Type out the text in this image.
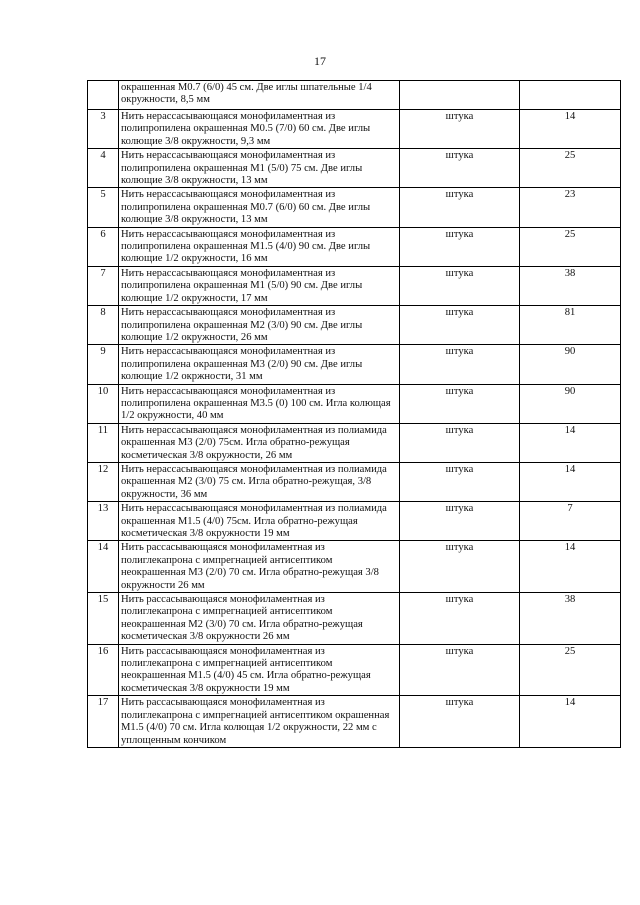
17
	окрашенная M0.7 (6/0) 45 см. Две иглы шпательные 1/4 окружности, 8,5 мм		
3	Нить нерассасывающаяся монофиламентная из полипропилена окрашенная M0.5 (7/0) 60 см. Две иглы колющие 3/8 окружности, 9,3 мм	штука	14
4	Нить нерассасывающаяся монофиламентная из полипропилена окрашенная M1 (5/0) 75 см. Две иглы колющие 3/8 окружности, 13 мм	штука	25
5	Нить нерассасывающаяся монофиламентная из полипропилена окрашенная M0.7 (6/0) 60 см. Две иглы колющие 3/8 окружности, 13 мм	штука	23
6	Нить нерассасывающаяся монофиламентная из полипропилена окрашенная M1.5 (4/0) 90 см. Две иглы колющие 1/2 окружности, 16 мм	штука	25
7	Нить нерассасывающаяся монофиламентная из полипропилена окрашенная M1 (5/0) 90 см. Две иглы колющие 1/2 окружности, 17 мм	штука	38
8	Нить нерассасывающаяся монофиламентная из полипропилена окрашенная M2 (3/0) 90 см. Две иглы колющие 1/2 окружности, 26 мм	штука	81
9	Нить нерассасывающаяся монофиламентная из полипропилена окрашенная M3 (2/0) 90 см. Две иглы колющие 1/2 окржности, 31 мм	штука	90
10	Нить нерассасывающаяся монофиламентная из полипропилена окрашенная M3.5 (0) 100 см. Игла колющая 1/2 окружности, 40 мм	штука	90
11	Нить нерассасывающаяся монофиламентная из полиамида окрашенная M3 (2/0) 75см. Игла обратно-режущая косметическая 3/8 окружности, 26 мм	штука	14
12	Нить нерассасывающаяся монофиламентная из полиамида окрашенная M2 (3/0) 75 см. Игла обратно-режущая, 3/8 окружности, 36 мм	штука	14
13	Нить нерассасывающаяся монофиламентная из полиамида окрашенная M1.5 (4/0) 75см. Игла обратно-режущая косметическая 3/8 окружности 19 мм	штука	7
14	Нить рассасывающаяся монофиламентная из полиглекапрона с импрегнацией антисептиком неокрашенная M3 (2/0) 70 см. Игла обратно-режущая 3/8 окружности 26 мм	штука	14
15	Нить рассасывающаяся монофиламентная из полиглекапрона с импрегнацией антисептиком неокрашенная M2 (3/0) 70 см. Игла обратно-режущая косметическая 3/8 окружности 26 мм	штука	38
16	Нить рассасывающаяся монофиламентная из полиглекапрона с импрегнацией антисептиком неокрашенная M1.5 (4/0) 45 см. Игла обратно-режущая косметическая 3/8 окружности 19 мм	штука	25
17	Нить рассасывающаяся монофиламентная из полиглекапрона с импрегнацией антисептиком окрашенная M1.5 (4/0) 70 см. Игла колющая 1/2 окружности, 22 мм с уплощенным кончиком	штука	14
